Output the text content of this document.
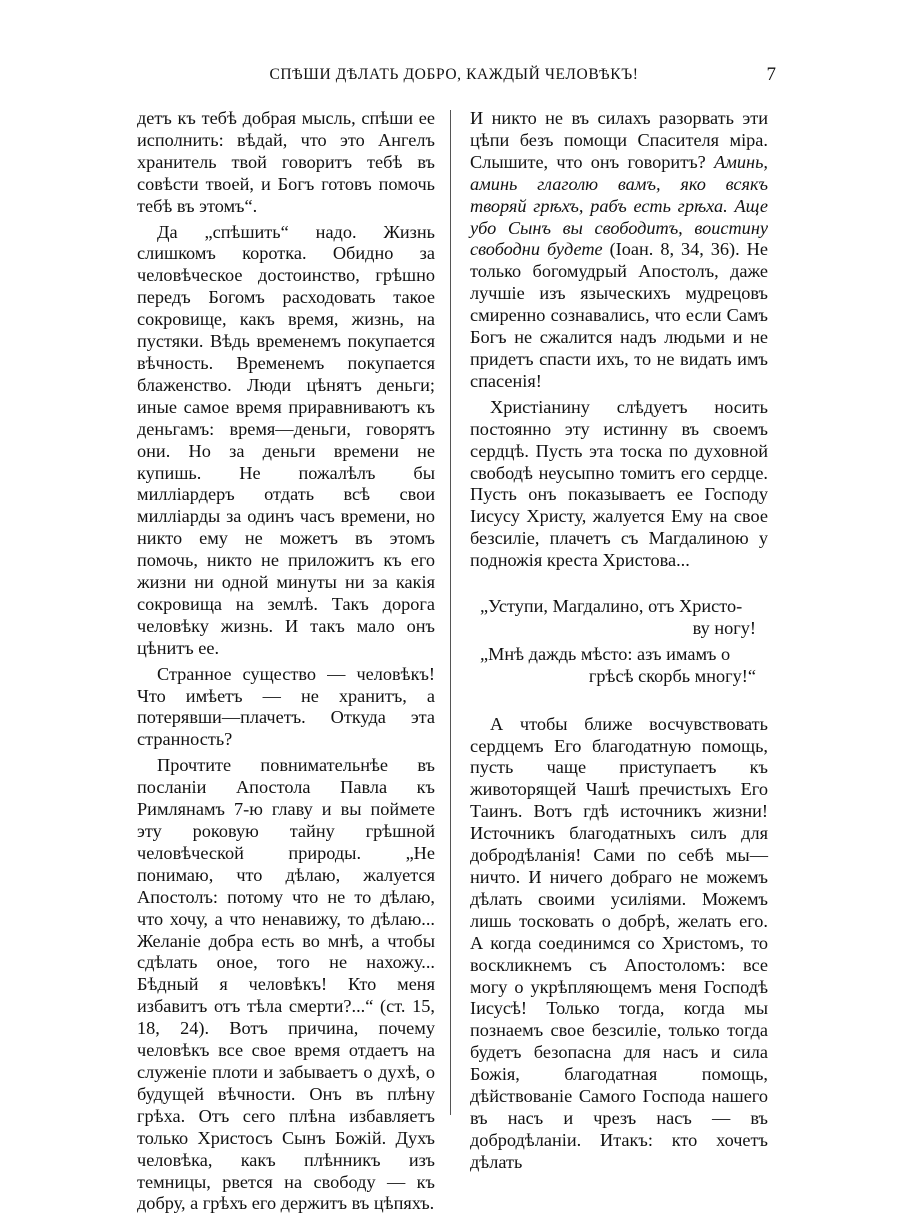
СПѢШИ ДѢЛАТЬ ДОБРО, КАЖДЫЙ ЧЕЛОВѢКЪ!	7

детъ къ тебѣ добрая мысль, спѣши ее исполнить: вѣдай, что это Ангелъ хранитель твой говоритъ тебѣ въ совѣсти твоей, и Богъ готовъ помочь тебѣ въ этомъ“.

Да „спѣшить“ надо. Жизнь слишкомъ коротка. Обидно за человѣческое достоинство, грѣшно передъ Богомъ расходовать такое сокровище, какъ время, жизнь, на пустяки. Вѣдь временемъ покупается вѣчность. Временемъ покупается блаженство. Люди цѣнятъ деньги; иные самое время приравниваютъ къ деньгамъ: время—деньги, говорятъ они. Но за деньги времени не купишь. Не пожалѣлъ бы милліардеръ отдать всѣ свои милліарды за одинъ часъ времени, но никто ему не можетъ въ этомъ помочь, никто не приложитъ къ его жизни ни одной минуты ни за какія сокровища на землѣ. Такъ дорога человѣку жизнь. И такъ мало онъ цѣнитъ ее.

Странное существо — человѣкъ! Что имѣетъ — не хранитъ, а потерявши—плачетъ. Откуда эта странность?

Прочтите повнимательнѣе въ посланіи Апостола Павла къ Римлянамъ 7-ю главу и вы поймете эту роковую тайну грѣшной человѣческой природы. „Не понимаю, что дѣлаю, жалуется Апостолъ: потому что не то дѣлаю, что хочу, а что ненавижу, то дѣлаю... Желаніе добра есть во мнѣ, а чтобы сдѣлать оное, того не нахожу... Бѣдный я человѣкъ! Кто меня избавитъ отъ тѣла смерти?...“ (ст. 15, 18, 24). Вотъ причина, почему человѣкъ все свое время отдаетъ на служеніе плоти и забываетъ о духѣ, о будущей вѣчности. Онъ въ плѣну грѣха. Отъ сего плѣна избавляетъ только Христосъ Сынъ Божій. Духъ человѣка, какъ плѣнникъ изъ темницы, рвется на свободу — къ добру, а грѣхъ его держитъ въ цѣпяхъ.

И никто не въ силахъ разорвать эти цѣпи безъ помощи Спасителя міра. Слышите, что онъ говоритъ? Аминь, аминь глаголю вамъ, яко всякъ творяй грѣхъ, рабъ есть грѣха. Аще убо Сынъ вы свободитъ, воистину свободни будете (Іоан. 8, 34, 36). Не только богомудрый Апостолъ, даже лучшіе изъ языческихъ мудрецовъ смиренно сознавались, что если Самъ Богъ не сжалится надъ людьми и не придетъ спасти ихъ, то не видать имъ спасенія!

Христіанину слѣдуетъ носить постоянно эту истинну въ своемъ сердцѣ. Пусть эта тоска по духовной свободѣ неусыпно томитъ его сердце. Пусть онъ показываетъ ее Господу Іисусу Христу, жалуется Ему на свое безсиліе, плачетъ съ Магдалиною у подножія креста Христова...

„Уступи, Магдалино, отъ Христо-

ву ногу!

„Мнѣ даждь мѣсто: азъ имамъ о

грѣсѣ скорбь многу!“

А чтобы ближе восчувствовать сердцемъ Его благодатную помощь, пусть чаще приступаетъ къ животорящей Чашѣ пречистыхъ Его Таинъ. Вотъ гдѣ источникъ жизни! Источникъ благодатныхъ силъ для добродѣланія! Сами по себѣ мы—ничто. И ничего добраго не можемъ дѣлать своими усиліями. Можемъ лишь тосковать о добрѣ, желать его. А когда соединимся со Христомъ, то воскликнемъ съ Апостоломъ: все могу о укрѣпляющемъ меня Господѣ Іисусѣ! Только тогда, когда мы познаемъ свое безсиліе, только тогда будетъ безопасна для насъ и сила Божія, благодатная помощь, дѣйствованіе Самого Господа нашего въ насъ и чрезъ насъ — въ добродѣланіи. Итакъ: кто хочетъ дѣлать
